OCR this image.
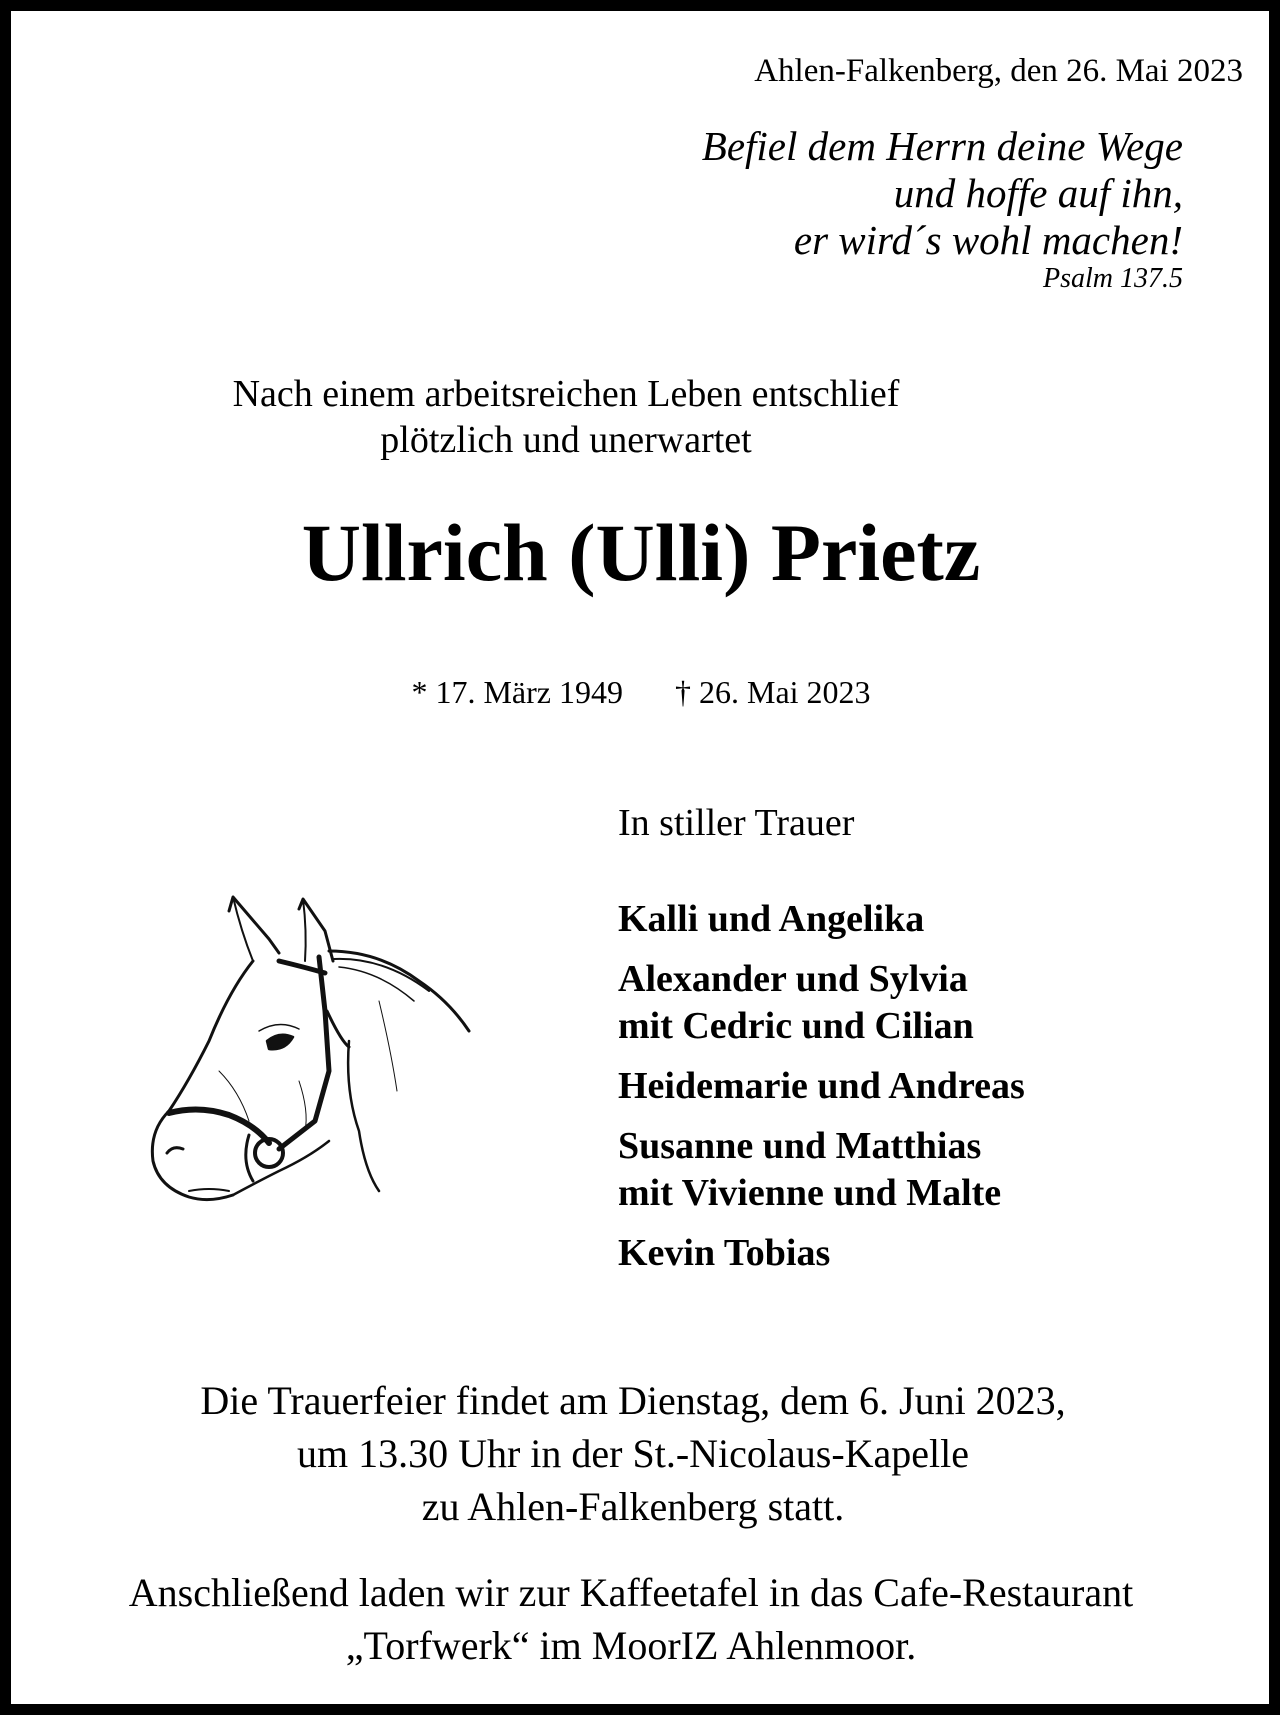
Ahlen-Falkenberg, den 26. Mai 2023
Befiel dem Herrn deine Wege
und hoffe auf ihn,
er wird´s wohl machen!
Psalm 137.5
Nach einem arbeitsreichen Leben entschlief
plötzlich und unerwartet
Ullrich (Ulli) Prietz
* 17. März 1949 † 26. Mai 2023
In stiller Trauer
Kalli und Angelika
Alexander und Sylvia
mit Cedric und Cilian
Heidemarie und Andreas
Susanne und Matthias
mit Vivienne und Malte
Kevin Tobias
Die Trauerfeier findet am Dienstag, dem 6. Juni 2023,
um 13.30 Uhr in der St.-Nicolaus-Kapelle
zu Ahlen-Falkenberg statt.
Anschließend laden wir zur Kaffeetafel in das Cafe-Restaurant
„Torfwerk“ im MoorIZ Ahlenmoor.
